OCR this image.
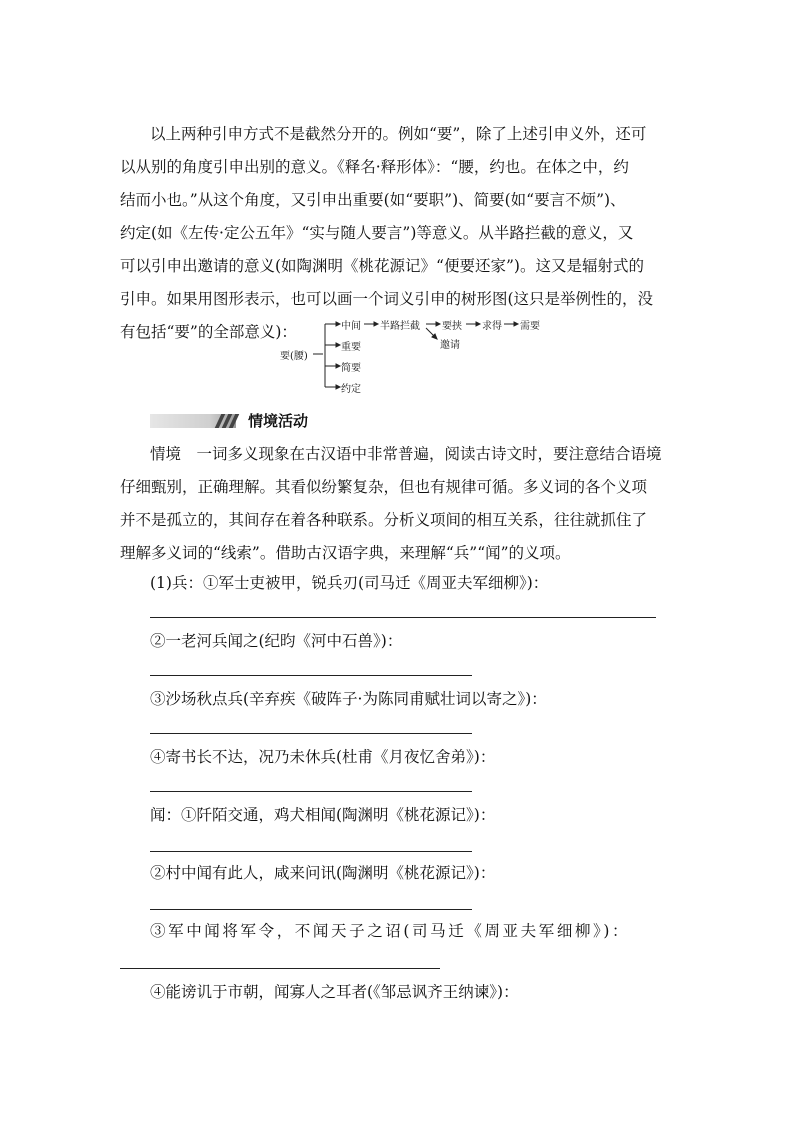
以上两种引申方式不是截然分开的。例如“要”，除了上述引申义外，还可

以从别的角度引申出别的意义。《释名·释形体》：“腰，约也。在体之中，约

结而小也。”从这个角度，又引申出重要(如“要职”)、简要(如“要言不烦”)、

约定(如《左传·定公五年》“实与随人要言”)等意义。从半路拦截的意义，又

可以引申出邀请的意义(如陶渊明《桃花源记》“便要还家”)。这又是辐射式的

引申。如果用图形表示，也可以画一个词义引申的树形图(这只是举例性的，没

有包括“要”的全部意义)：

要(腰)
中间 半路拦截 要挟 求得 需要
邀请
重要
简要
约定
情境活动

情境　一词多义现象在古汉语中非常普遍，阅读古诗文时，要注意结合语境

仔细甄别，正确理解。其看似纷繁复杂，但也有规律可循。多义词的各个义项

并不是孤立的，其间存在着各种联系。分析义项间的相互关系，往往就抓住了

理解多义词的“线索”。借助古汉语字典，来理解“兵”“闻”的义项。

(1)兵：①军士吏被甲，锐兵刃(司马迁《周亚夫军细柳》)：

②一老河兵闻之(纪昀《河中石兽》)：

③沙场秋点兵(辛弃疾《破阵子·为陈同甫赋壮词以寄之》)：

④寄书长不达，况乃未休兵(杜甫《月夜忆舍弟》)：

闻：①阡陌交通，鸡犬相闻(陶渊明《桃花源记》)：

②村中闻有此人，咸来问讯(陶渊明《桃花源记》)：

③军中闻将军令，不闻天子之诏(司马迁《周亚夫军细柳》)：

④能谤讥于市朝，闻寡人之耳者(《邹忌讽齐王纳谏》)：
